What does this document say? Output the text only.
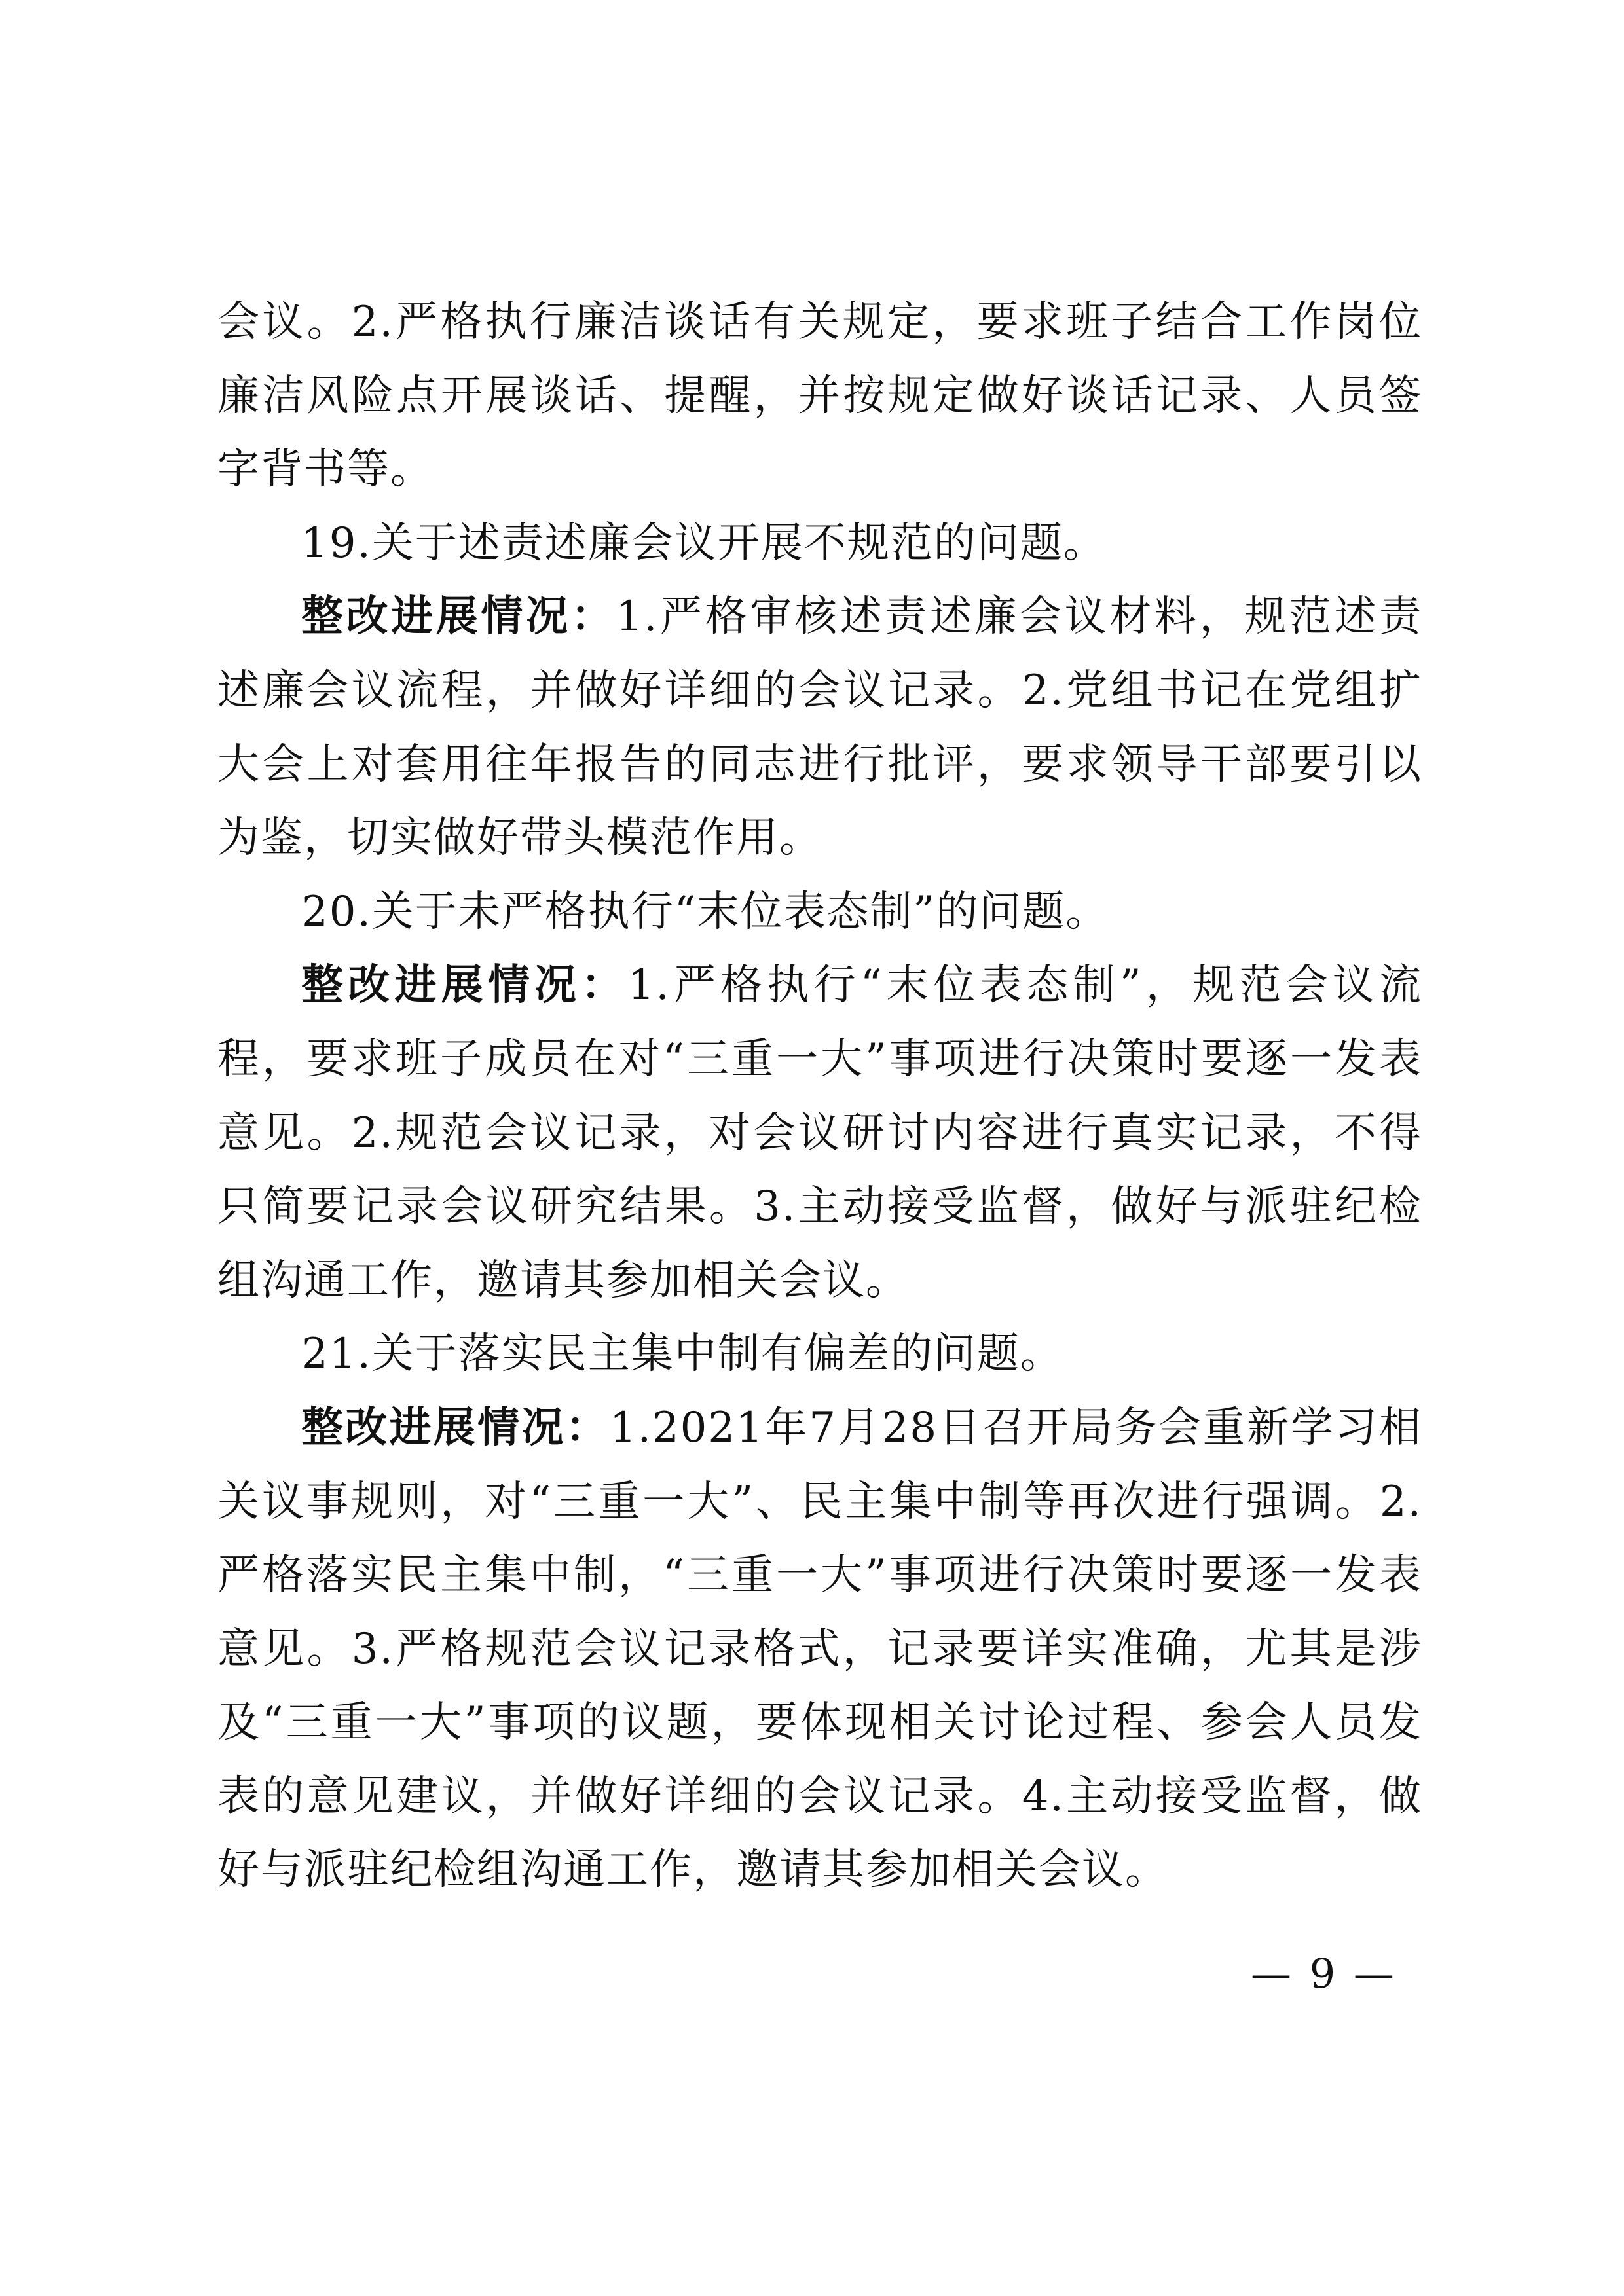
会议。2.严格执行廉洁谈话有关规定，要求班子结合工作岗位廉洁风险点开展谈话、提醒，并按规定做好谈话记录、人员签字背书等。

19.关于述责述廉会议开展不规范的问题。

整改进展情况：1.严格审核述责述廉会议材料，规范述责述廉会议流程，并做好详细的会议记录。2.党组书记在党组扩大会上对套用往年报告的同志进行批评，要求领导干部要引以为鉴，切实做好带头模范作用。

20.关于未严格执行“末位表态制”的问题。

整改进展情况：1.严格执行“末位表态制”，规范会议流程，要求班子成员在对“三重一大”事项进行决策时要逐一发表意见。2.规范会议记录，对会议研讨内容进行真实记录，不得只简要记录会议研究结果。3.主动接受监督，做好与派驻纪检组沟通工作，邀请其参加相关会议。

21.关于落实民主集中制有偏差的问题。

整改进展情况：1.2021年7月28日召开局务会重新学习相关议事规则，对“三重一大”、民主集中制等再次进行强调。2.严格落实民主集中制，“三重一大”事项进行决策时要逐一发表意见。3.严格规范会议记录格式，记录要详实准确，尤其是涉及“三重一大”事项的议题，要体现相关讨论过程、参会人员发表的意见建议，并做好详细的会议记录。4.主动接受监督，做好与派驻纪检组沟通工作，邀请其参加相关会议。

— 9 —
